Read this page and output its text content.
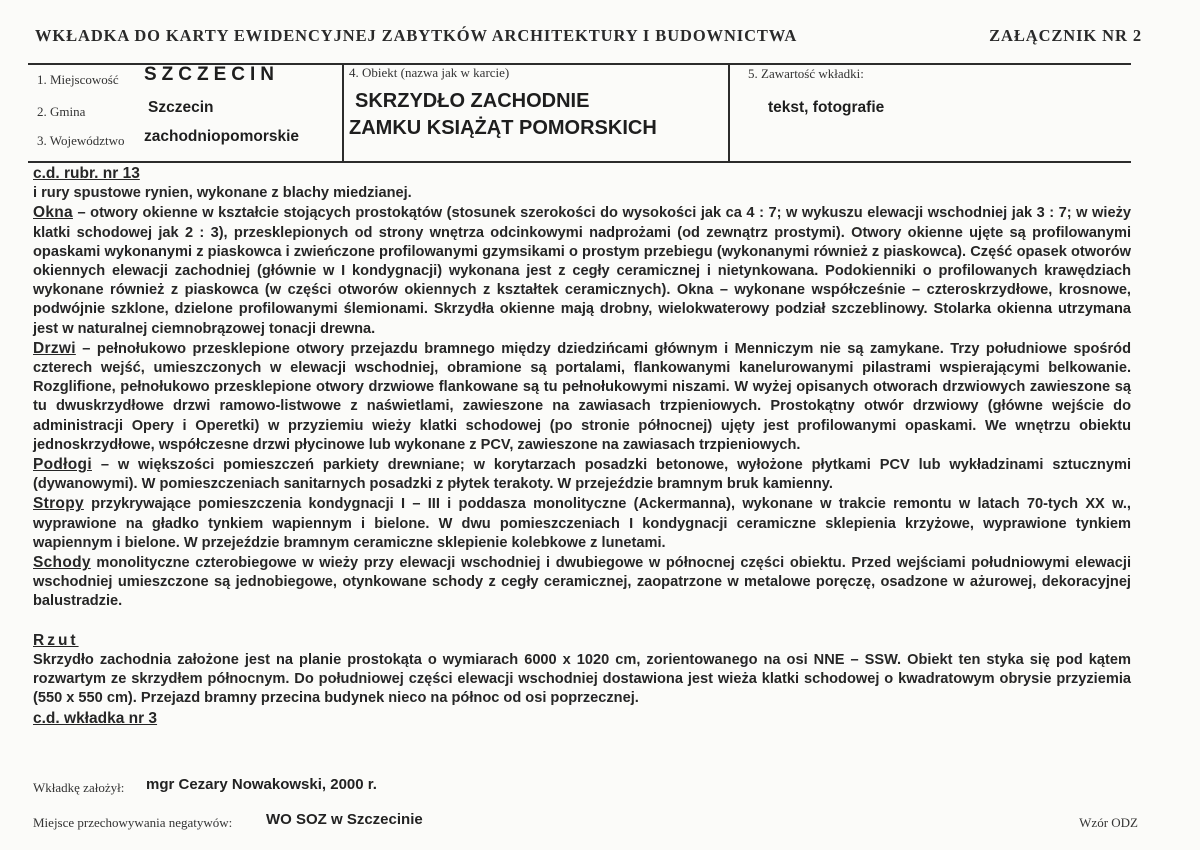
WKŁADKA DO KARTY EWIDENCYJNEJ ZABYTKÓW ARCHITEKTURY I BUDOWNICTWA	ZAŁĄCZNIK NR 2
1. Miejscowość SZCZECIN
2. Gmina	Szczecin
3. Województwo zachodniopomorskie
4. Obiekt (nazwa jak w karcie)
SKRZYDŁO ZACHODNIE
ZAMKU KSIĄŻĄT POMORSKICH
5. Zawartość wkładki:
tekst, fotografie

c.d. rubr. nr 13

i rury spustowe rynien, wykonane z blachy miedzianej.

Okna – otwory okienne w kształcie stojących prostokątów (stosunek szerokości do wysokości jak ca 4 : 7; w wykuszu elewacji wschodniej jak 3 : 7; w wieży klatki schodowej jak 2 : 3), przesklepionych od strony wnętrza odcinkowymi nadprożami (od zewnątrz prostymi). Otwory okienne ujęte są profilowanymi opaskami wykonanymi z piaskowca i zwieńczone profilowanymi gzymsikami o prostym przebiegu (wykonanymi również z piaskowca). Część opasek otworów okiennych elewacji zachodniej (głównie w I kondygnacji) wykonana jest z cegły ceramicznej i nietynkowana. Podokienniki o profilowanych krawędziach wykonane również z piaskowca (w części otworów okiennych z kształtek ceramicznych). Okna – wykonane współcześnie – czteroskrzydłowe, krosnowe, podwójnie szklone, dzielone profilowanymi ślemionami. Skrzydła okienne mają drobny, wielokwaterowy podział szczeblinowy. Stolarka okienna utrzymana jest w naturalnej ciemnobrązowej tonacji drewna.

Drzwi – pełnołukowo przesklepione otwory przejazdu bramnego między dziedzińcami głównym i Menniczym nie są zamykane. Trzy południowe spośród czterech wejść, umieszczonych w elewacji wschodniej, obramione są portalami, flankowanymi kanelurowanymi pilastrami wspierającymi belkowanie. Rozglifione, pełnołukowo przesklepione otwory drzwiowe flankowane są tu pełnołukowymi niszami. W wyżej opisanych otworach drzwiowych zawieszone są tu dwuskrzydłowe drzwi ramowo-listwowe z naświetlami, zawieszone na zawiasach trzpieniowych. Prostokątny otwór drzwiowy (główne wejście do administracji Opery i Operetki) w przyziemiu wieży klatki schodowej (po stronie północnej) ujęty jest profilowanymi opaskami. We wnętrzu obiektu jednoskrzydłowe, współczesne drzwi płycinowe lub wykonane z PCV, zawieszone na zawiasach trzpieniowych.

Podłogi – w większości pomieszczeń parkiety drewniane; w korytarzach posadzki betonowe, wyłożone płytkami PCV lub wykładzinami sztucznymi (dywanowymi). W pomieszczeniach sanitarnych posadzki z płytek terakoty. W przejeździe bramnym bruk kamienny.

Stropy przykrywające pomieszczenia kondygnacji I – III i poddasza monolityczne (Ackermanna), wykonane w trakcie remontu w latach 70-tych XX w., wyprawione na gładko tynkiem wapiennym i bielone. W dwu pomieszczeniach I kondygnacji ceramiczne sklepienia krzyżowe, wyprawione tynkiem wapiennym i bielone. W przejeździe bramnym ceramiczne sklepienie kolebkowe z lunetami.

Schody monolityczne czterobiegowe w wieży przy elewacji wschodniej i dwubiegowe w północnej części obiektu. Przed wejściami południowymi elewacji wschodniej umieszczone są jednobiegowe, otynkowane schody z cegły ceramicznej, zaopatrzone w metalowe poręczę, osadzone w ażurowej, dekoracyjnej balustradzie.

Rzut

Skrzydło zachodnia założone jest na planie prostokąta o wymiarach 6000 x 1020 cm, zorientowanego na osi NNE – SSW. Obiekt ten styka się pod kątem rozwartym ze skrzydłem północnym. Do południowej części elewacji wschodniej dostawiona jest wieża klatki schodowej o kwadratowym obrysie przyziemia (550 x 550 cm). Przejazd bramny przecina budynek nieco na północ od osi poprzecznej.

c.d. wkładka nr 3

Wkładkę założył: mgr Cezary Nowakowski, 2000 r.
Miejsce przechowywania negatywów: WO SOZ w Szczecinie	Wzór ODZ
